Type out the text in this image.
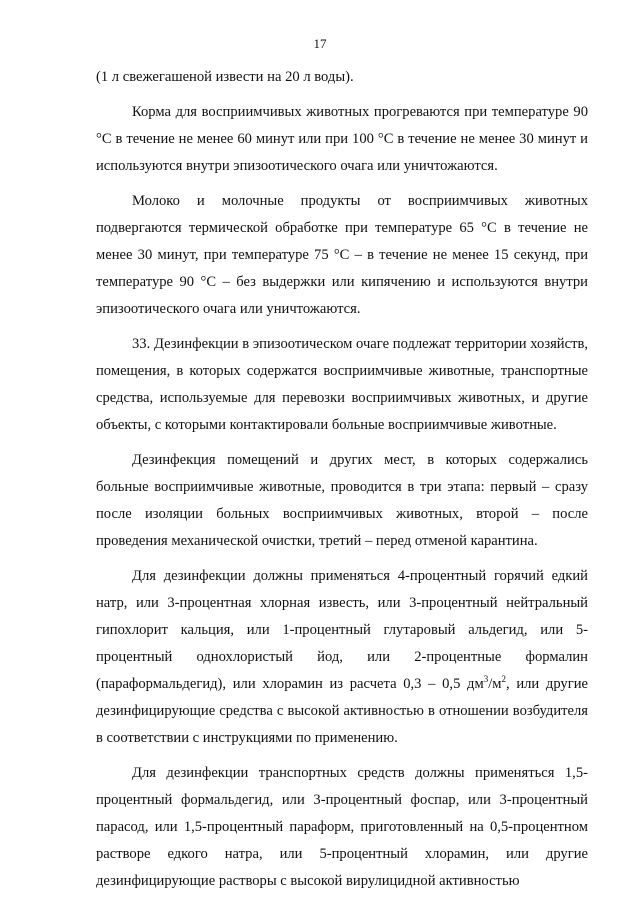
17

(1 л свежегашеной извести на 20 л воды).

Корма для восприимчивых животных прогреваются при температуре 90 °С в течение не менее 60 минут или при 100 °С в течение не менее 30 минут и используются внутри эпизоотического очага или уничтожаются.

Молоко и молочные продукты от восприимчивых животных подвергаются термической обработке при температуре 65 °С в течение не менее 30 минут, при температуре 75 °С – в течение не менее 15 секунд, при температуре 90 °С – без выдержки или кипячению и используются внутри эпизоотического очага или уничтожаются.

33. Дезинфекции в эпизоотическом очаге подлежат территории хозяйств, помещения, в которых содержатся восприимчивые животные, транспортные средства, используемые для перевозки восприимчивых животных, и другие объекты, с которыми контактировали больные восприимчивые животные.

Дезинфекция помещений и других мест, в которых содержались больные восприимчивые животные, проводится в три этапа: первый – сразу после изоляции больных восприимчивых животных, второй – после проведения механической очистки, третий – перед отменой карантина.

Для дезинфекции должны применяться 4-процентный горячий едкий натр, или 3-процентная хлорная известь, или 3-процентный нейтральный гипохлорит кальция, или 1-процентный глутаровый альдегид, или 5-процентный однохлористый йод, или 2-процентные формалин (параформальдегид), или хлорамин из расчета 0,3 – 0,5 $дм^3/м^2$, или другие дезинфицирующие средства с высокой активностью в отношении возбудителя в соответствии с инструкциями по применению.

Для дезинфекции транспортных средств должны применяться 1,5-процентный формальдегид, или 3-процентный фоспар, или 3-процентный парасод, или 1,5-процентный параформ, приготовленный на 0,5-процентном растворе едкого натра, или 5-процентный хлорамин, или другие дезинфицирующие растворы с высокой вирулицидной активностью
